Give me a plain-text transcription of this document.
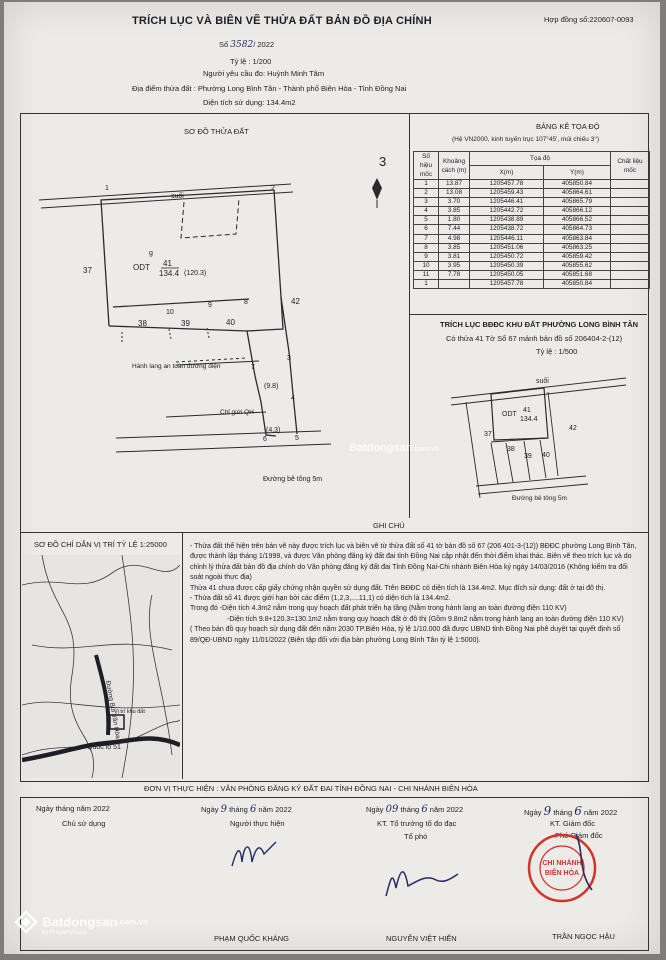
Hợp đồng số:220607-0093
TRÍCH LỤC VÀ BIÊN VẼ THỬA ĐẤT BẢN ĐỒ ĐỊA CHÍNH
Số 3582/ 2022
Tỷ lệ : 1/200
Người yêu cầu đo: Huỳnh Minh Tâm
Địa điểm thửa đất : Phường Long Bình Tân - Thành phố Biên Hòa - Tỉnh Đồng Nai
Diện tích sử dụng: 134.4m2
SƠ ĐỒ THỬA ĐẤT
3
suối
g
ODT 41
134.4 (120.3)
37
38	39	40
42
1	2
3
4
5
6
7
8
9
10
Hành lang an toàn đường điện
Chỉ giới QH
(9.8)
(4.3)
Đường bê tông 5m
BẢNG KÊ TỌA ĐỘ
(Hệ VN2000, kinh tuyến trục 107°45', múi chiếu 3°)
Số hiệu mốc	Khoảng cách (m)	Tọa độ		Chất liệu mốc
		X(m)	Y(m)	
1	13.87	1205457.78	405850.84	
2	13.08	1205459.43	405864.61	
3	3.70	1205446.41	405865.79	
4	3.85	1205442.72	405866.12	
5	1.80	1205438.89	405866.52	
6	7.44	1205438.72	405864.73	
7	4.98	1205446.11	405863.84	
8	3.85	1205451.06	405863.25	
9	3.81	1205450.72	405859.42	
10	3.95	1205450.39	405855.62	
11	7.78	1205450.05	405851.68	
1		1205457.78	405850.84	
TRÍCH LỤC BĐĐC KHU ĐẤT PHƯỜNG LONG BÌNH TÂN
Có thửa 41 Tờ Số 67 mảnh bản đồ số 206404-2-(12)
Tỷ lệ : 1/500
suối
ODT
41
134.4
37
38
39 40
42
Đường bê tông 5m
GHI CHÚ
SƠ ĐỒ CHỈ DẪN VỊ TRÍ TỶ LỆ 1:25000
Đường Bùi Văn Hòa
Quốc lộ 51
Vị trí khu đất

- Thửa đất thể hiện trên bản vẽ này được trích lục và biên vẽ từ thửa đất số 41 tờ bản đồ số 67 (206 401-3-(12)) BĐĐC phường Long Bình Tân, được thành lập tháng 1/1999, và được Văn phòng đăng ký đất đai tỉnh Đồng Nai cập nhật đến thời điểm khai thác. Biên vẽ theo trích lục và do chỉnh lý thửa đất bản đồ địa chính do Văn phòng đăng ký đất đai Tỉnh Đồng Nai-Chi nhánh Biên Hòa ký ngày 14/03/2016 (Không kiểm tra đối soát ngoài thực địa)

Thửa 41 chưa được cấp giấy chứng nhận quyền sử dụng đất. Trên BĐĐC có diện tích là 134.4m2. Mục đích sử dụng: đất ở tại đô thị.

- Thửa đất số 41 được giới hạn bởi các điểm (1,2,3,....11,1) có diện tích là 134.4m2.

Trong đó -Diện tích 4.3m2 nằm trong quy hoạch đất phát triển hạ tầng (Nằm trong hành lang an toàn đường điện 110 KV)

-Diện tích 9.8+120.3=130.1m2 nằm trong quy hoạch đất ở đô thị (Gồm 9.8m2 nằm trong hành lang an toàn đường điện 110 KV)

( Theo bản đồ quy hoạch sử dụng đất đến năm 2030 TP.Biên Hòa, tỷ lệ 1/10.000 đã được UBND tỉnh Đồng Nai phê duyệt tại quyết định số 89/QĐ-UBND ngày 11/01/2022 (Biên tập đối với địa bàn phường Long Bình Tân tỷ lệ 1:5000).

ĐƠN VỊ THỰC HIỆN : VĂN PHÒNG ĐĂNG KÝ ĐẤT ĐAI TỈNH ĐỒNG NAI - CHI NHÁNH BIÊN HÒA
Ngày tháng năm 2022
Chủ sử dụng
Ngày 9 tháng 6 năm 2022
Người thực hiện
PHẠM QUỐC KHÁNG
Ngày 09 tháng 6 năm 2022
KT. Tổ trưởng tổ đo đạc
Tổ phó
NGUYỄN VIỆT HIẾN
Ngày 9 tháng 6 năm 2022
KT. Giám đốc
Phó Giám đốc
CHI NHÁNH
BIÊN HÒA
TRẦN NGỌC HẬU
Batdongsan.com.vn
Batdongsan.com.vn
by PropertyGuru
